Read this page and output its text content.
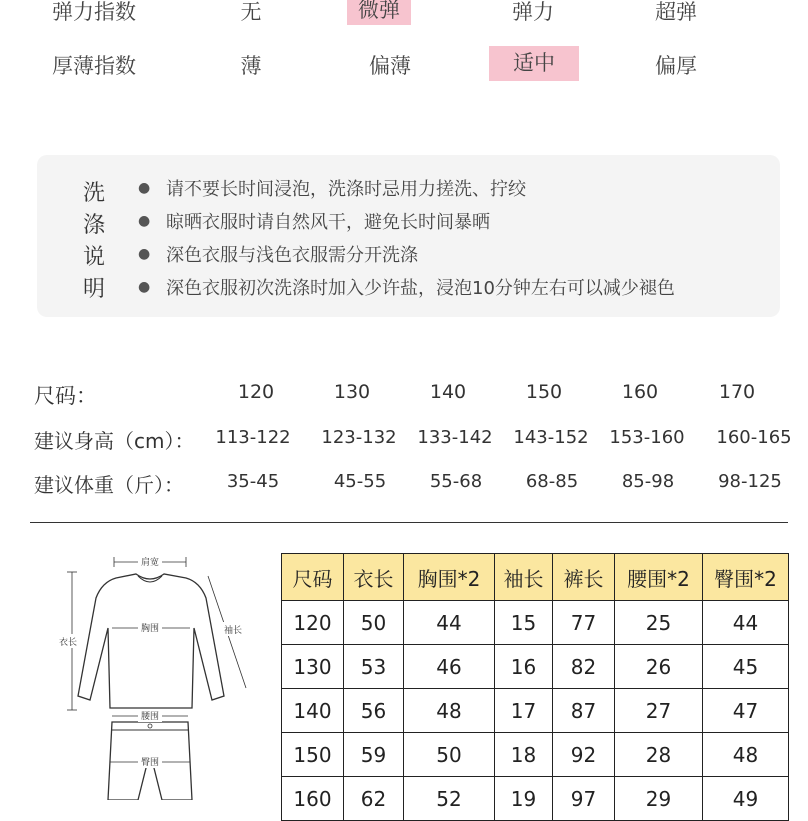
弹力指数	无	微弹	弹力	超弹
厚薄指数	薄	偏薄	适中	偏厚
洗
涤
说
明
● 请不要长时间浸泡，洗涤时忌用力搓洗、拧绞
● 晾晒衣服时请自然风干，避免长时间暴晒
● 深色衣服与浅色衣服需分开洗涤
● 深色衣服初次洗涤时加入少许盐，浸泡10分钟左右可以减少褪色
尺码：	120	130	140	150	160	170
建议身高（cm）：	113-122	123-132	133-142	143-152	153-160	160-165
建议体重（斤）：	35-45	45-55	55-68	68-85	85-98	98-125
肩宽
衣长
胸围	袖长
腰围
臀围
尺码	衣长	胸围*2	袖长	裤长	腰围*2	臀围*2
120	50	44	15	77	25	44
130	53	46	16	82	26	45
140	56	48	17	87	27	47
150	59	50	18	92	28	48
160	62	52	19	97	29	49
